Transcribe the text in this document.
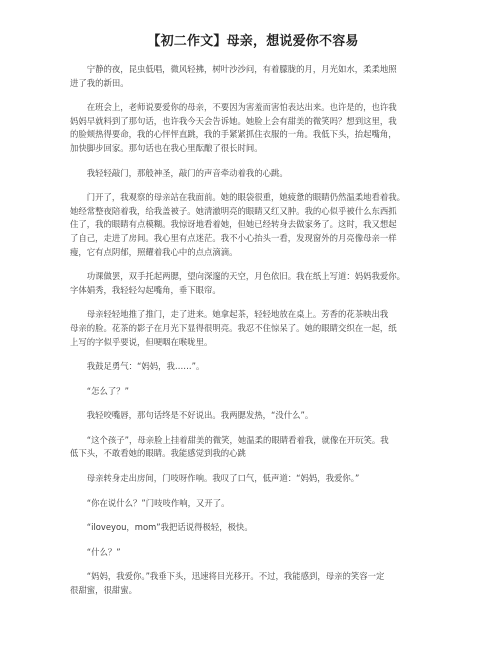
【初二作文】母亲，想说爱你不容易

宁静的夜，昆虫低唱，微风轻拂，树叶沙沙问，有着朦胧的月，月光如水，柔柔地照
进了我的新田。

在班会上，老师说要爱你的母亲，不要因为害羞而害怕表达出来。也许是的，也许我
妈妈早就料到了那句话，也许我今天会告诉她。她脸上会有甜美的微笑吗？想到这里，我
的脸颊热得要命，我的心怦怦直跳，我的手紧紧抓住衣服的一角。我低下头，抬起嘴角，
加快脚步回家。那句话也在我心里酝酿了很长时间。

我轻轻敲门，那般神圣，敲门的声音牵动着我的心跳。

门开了，我观察的母亲站在我面前。她的眼袋很重，她疲惫的眼睛仍然温柔地看着我。
她经常整夜陪着我，给我盖被子。她清澈明亮的眼睛又红又肿。我的心似乎被什么东西抓
住了，我的眼睛有点模糊。我惊讶地看着她，但她已经转身去做家务了。这时，我又想起
了自己，走进了房间。我心里有点迷茫。我不小心抬头一看，发现窗外的月亮像母亲一样
瘦，它有点阴郁，照耀着我心中的点点滴滴。

功课做罢，双手托起两腮，望向深邃的天空，月色依旧。我在纸上写道：妈妈我爱你。
字体娟秀，我轻轻勾起嘴角，垂下眼帘。

母亲轻轻地推了推门，走了进来。她拿起茶，轻轻地放在桌上。芳香的花茶映出我
母亲的脸。花茶的影子在月光下显得很明亮。我忍不住惊呆了。她的眼睛交织在一起，纸
上写的字似乎要说，但哽咽在喉咙里。

我鼓足勇气：“妈妈，我……”。

“怎么了？”

我轻咬嘴唇，那句话终是不好说出。我两腮发热，“没什么”。

“这个孩子”，母亲脸上挂着甜美的微笑，她温柔的眼睛看着我，就像在开玩笑。我
低下头，不敢看她的眼睛。我能感觉到我的心跳

母亲转身走出房间，门吱呀作响。我叹了口气，低声道：“妈妈，我爱你。”

“你在说什么？”门吱吱作响，又开了。

“iloveyou，mom”我把话说得极轻，极快。

“什么？”

“妈妈，我爱你。”我垂下头，迅速将目光移开。不过，我能感到，母亲的笑容一定
很甜蜜，很甜蜜。
